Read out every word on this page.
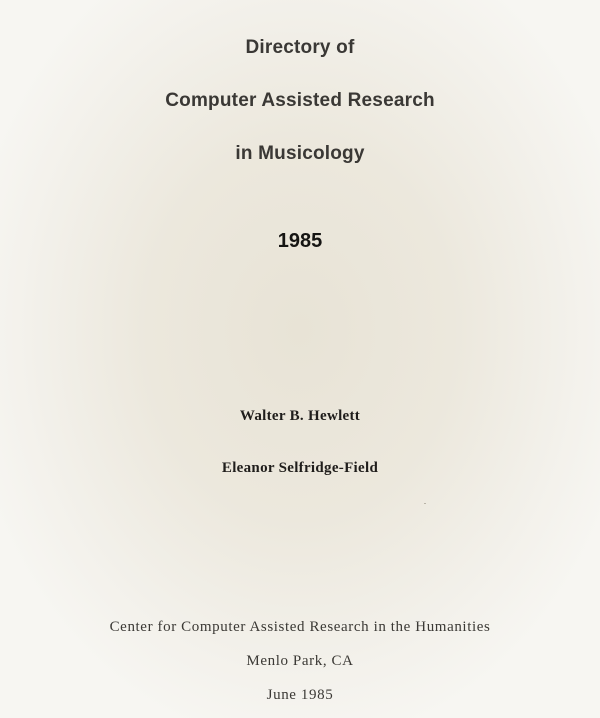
Directory of
Computer Assisted Research
in Musicology
1985
Walter B. Hewlett
Eleanor Selfridge-Field
Center for Computer Assisted Research in the Humanities
Menlo Park, CA
June 1985
